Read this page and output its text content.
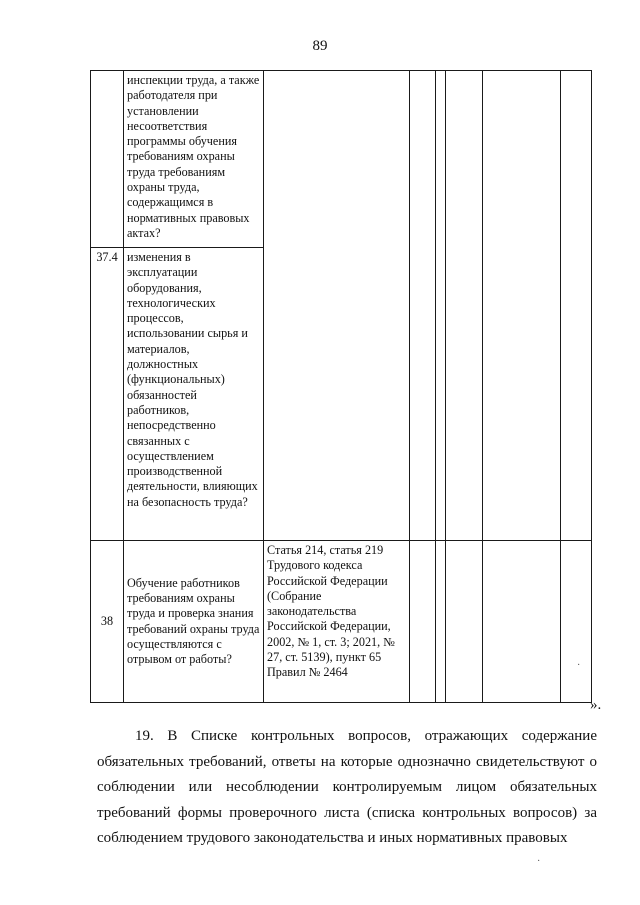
89
	инспекции труда, а также работодателя при установлении несоответствия программы обучения требованиям охраны труда требованиям охраны труда, содержащимся в нормативных правовых актах?						
37.4	изменения в эксплуатации оборудования, технологических процессов, использовании сырья и материалов, должностных (функциональных) обязанностей работников, непосредственно связанных с осуществлением производственной деятельности, влияющих на безопасность труда?						
38	Обучение работников требованиям охраны труда и проверка знания требований охраны труда осуществляются с отрывом от работы?	Статья 214, статья 219 Трудового кодекса Российской Федерации (Собрание законодательства Российской Федерации, 2002, № 1, ст. 3; 2021, № 27, ст. 5139), пункт 65 Правил № 2464					
».

19. В Списке контрольных вопросов, отражающих содержание обязательных требований, ответы на которые однозначно свидетельствуют о соблюдении или несоблюдении контролируемым лицом обязательных требований формы проверочного листа (списка контрольных вопросов) за соблюдением трудового законодательства и иных нормативных правовых

·
·
